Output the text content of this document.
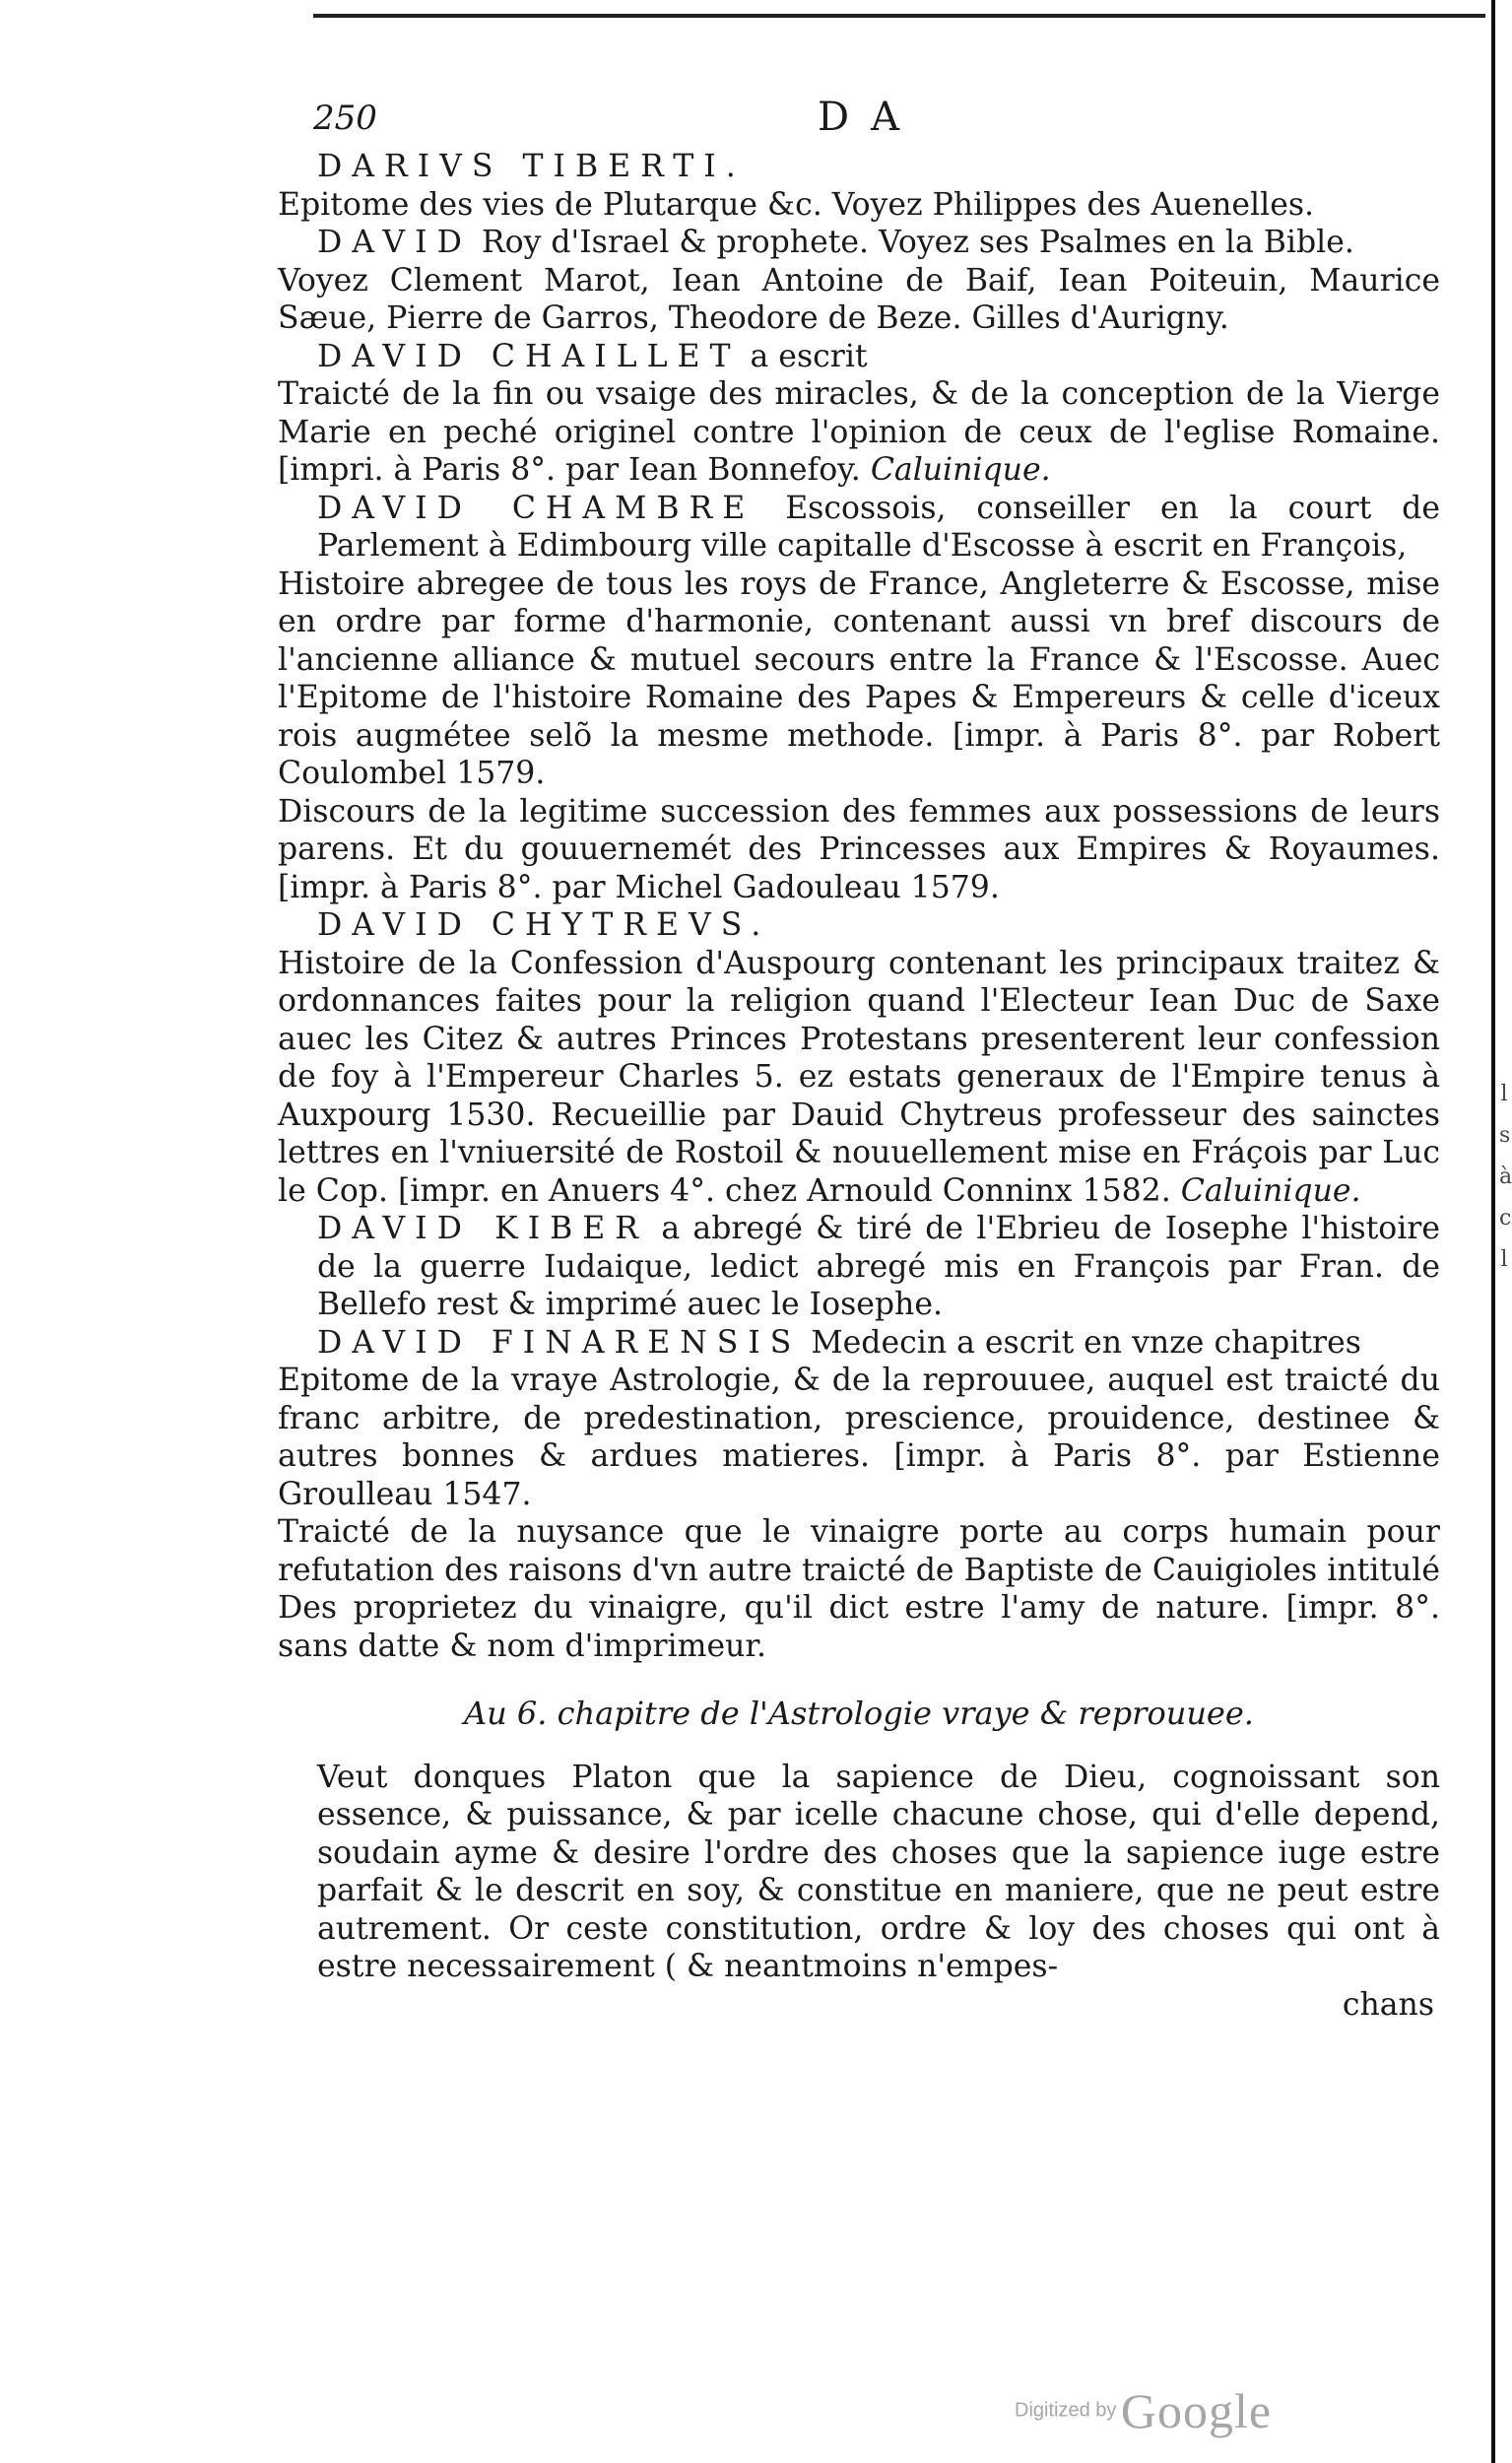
l
s
à
c
l
250	DA

DARIVS TIBERTI.

Epitome des vies de Plutarque &c. Voyez Philippes des Auenelles.

DAVID Roy d'Israel & prophete. Voyez ses Psalmes en la Bible.

Voyez Clement Marot, Iean Antoine de Baif, Iean Poiteuin, Maurice Sæue, Pierre de Garros, Theodore de Beze. Gilles d'Aurigny.

DAVID CHAILLET a escrit

Traicté de la fin ou vsaige des miracles, & de la conception de la Vierge Marie en peché originel contre l'opinion de ceux de l'eglise Romaine. [impri. à Paris 8°. par Iean Bonnefoy. Caluinique.

DAVID CHAMBRE Escossois, conseiller en la court de Parlement à Edimbourg ville capitalle d'Escosse à escrit en François,

Histoire abregee de tous les roys de France, Angleterre & Escosse, mise en ordre par forme d'harmonie, contenant aussi vn bref discours de l'ancienne alliance & mutuel secours entre la France & l'Escosse. Auec l'Epitome de l'histoire Romaine des Papes & Empereurs & celle d'iceux rois augmétee selõ la mesme methode. [impr. à Paris 8°. par Robert Coulombel 1579.

Discours de la legitime succession des femmes aux possessions de leurs parens. Et du gouuernemét des Princesses aux Empires & Royaumes. [impr. à Paris 8°. par Michel Gadouleau 1579.

DAVID CHYTREVS.

Histoire de la Confession d'Auspourg contenant les principaux traitez & ordonnances faites pour la religion quand l'Electeur Iean Duc de Saxe auec les Citez & autres Princes Protestans presenterent leur confession de foy à l'Empereur Charles 5. ez estats generaux de l'Empire tenus à Auxpourg 1530. Recueillie par Dauid Chytreus professeur des sainctes lettres en l'vniuersité de Rostoil & nouuellement mise en Fráçois par Luc le Cop. [impr. en Anuers 4°. chez Arnould Conninx 1582. Caluinique.

DAVID KIBER a abregé & tiré de l'Ebrieu de Iosephe l'histoire de la guerre Iudaique, ledict abregé mis en François par Fran. de Bellefo rest & imprimé auec le Iosephe.

DAVID FINARENSIS Medecin a escrit en vnze chapitres

Epitome de la vraye Astrologie, & de la reprouuee, auquel est traicté du franc arbitre, de predestination, prescience, prouidence, destinee & autres bonnes & ardues matieres. [impr. à Paris 8°. par Estienne Groulleau 1547.

Traicté de la nuysance que le vinaigre porte au corps humain pour refutation des raisons d'vn autre traicté de Baptiste de Cauigioles intitulé Des proprietez du vinaigre, qu'il dict estre l'amy de nature. [impr. 8°. sans datte & nom d'imprimeur.

Au 6. chapitre de l'Astrologie vraye & reprouuee.

Veut donques Platon que la sapience de Dieu, cognoissant son essence, & puissance, & par icelle chacune chose, qui d'elle depend, soudain ayme & desire l'ordre des choses que la sapience iuge estre parfait & le descrit en soy, & constitue en maniere, que ne peut estre autrement. Or ceste constitution, ordre & loy des choses qui ont à estre necessairement ( & neantmoins n'empes-

chans

Digitized by Google
